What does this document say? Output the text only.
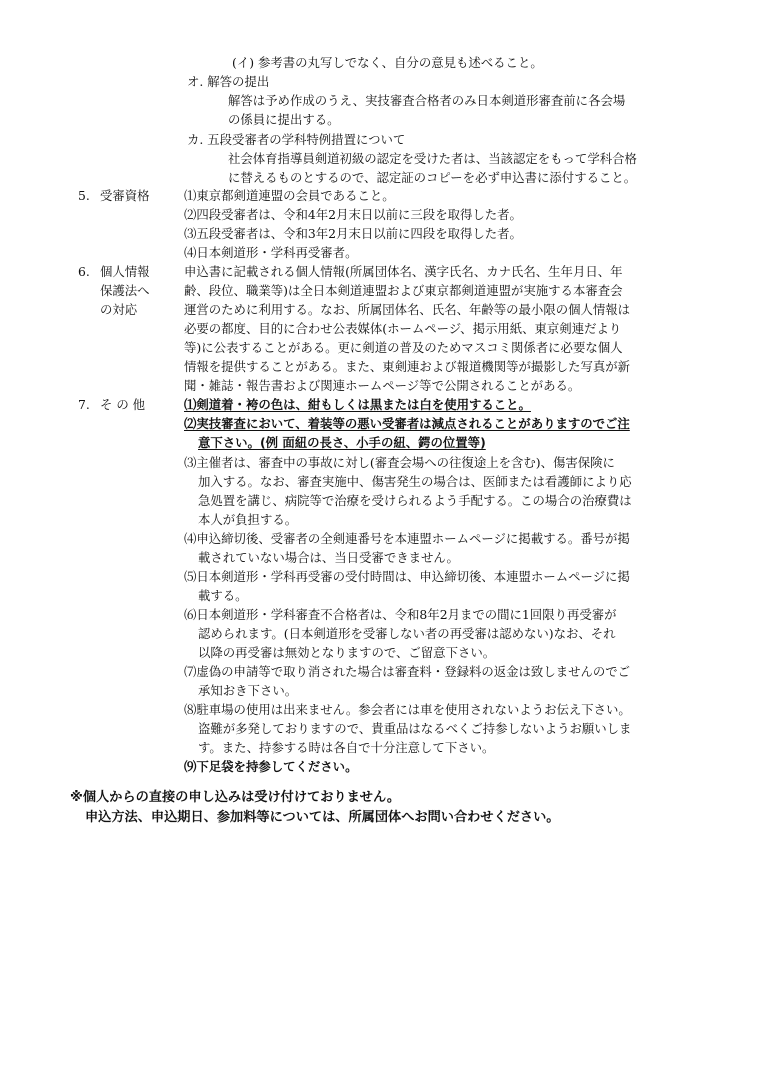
(イ) 参考書の丸写しでなく、自分の意見も述べること。
オ. 解答の提出
解答は予め作成のうえ、実技審査合格者のみ日本剣道形審査前に各会場
の係員に提出する。
カ. 五段受審者の学科特例措置について
社会体育指導員剣道初級の認定を受けた者は、当該認定をもって学科合格
に替えるものとするので、認定証のコピーを必ず申込書に添付すること。
5. 受審資格	⑴東京都剣道連盟の会員であること。
⑵四段受審者は、令和4年2月末日以前に三段を取得した者。
⑶五段受審者は、令和3年2月末日以前に四段を取得した者。
⑷日本剣道形・学科再受審者。
6. 個人情報
保護法へ
の対応
申込書に記載される個人情報(所属団体名、漢字氏名、カナ氏名、生年月日、年
齢、段位、職業等)は全日本剣道連盟および東京都剣道連盟が実施する本審査会
運営のために利用する。なお、所属団体名、氏名、年齢等の最小限の個人情報は
必要の都度、目的に合わせ公表媒体(ホームページ、掲示用紙、東京剣連だより
等)に公表することがある。更に剣道の普及のためマスコミ関係者に必要な個人
情報を提供することがある。また、東剣連および報道機関等が撮影した写真が新
聞・雑誌・報告書および関連ホームページ等で公開されることがある。
7. そ の 他	⑴剣道着・袴の色は、紺もしくは黒または白を使用すること。
⑵実技審査において、着装等の悪い受審者は減点されることがありますのでご注
意下さい。(例 面紐の長さ、小手の紐、鍔の位置等)
⑶主催者は、審査中の事故に対し(審査会場への往復途上を含む)、傷害保険に
加入する。なお、審査実施中、傷害発生の場合は、医師または看護師により応
急処置を講じ、病院等で治療を受けられるよう手配する。この場合の治療費は
本人が負担する。
⑷申込締切後、受審者の全剣連番号を本連盟ホームページに掲載する。番号が掲
載されていない場合は、当日受審できません。
⑸日本剣道形・学科再受審の受付時間は、申込締切後、本連盟ホームページに掲
載する。
⑹日本剣道形・学科審査不合格者は、令和8年2月までの間に1回限り再受審が
認められます。(日本剣道形を受審しない者の再受審は認めない)なお、それ
以降の再受審は無効となりますので、ご留意下さい。
⑺虚偽の申請等で取り消された場合は審査料・登録料の返金は致しませんのでご
承知おき下さい。
⑻駐車場の使用は出来ません。参会者には車を使用されないようお伝え下さい。
盗難が多発しておりますので、貴重品はなるべくご持参しないようお願いしま
す。また、持参する時は各自で十分注意して下さい。
⑼下足袋を持参してください。
※個人からの直接の申し込みは受け付けておりません。
申込方法、申込期日、参加料等については、所属団体へお問い合わせください。
